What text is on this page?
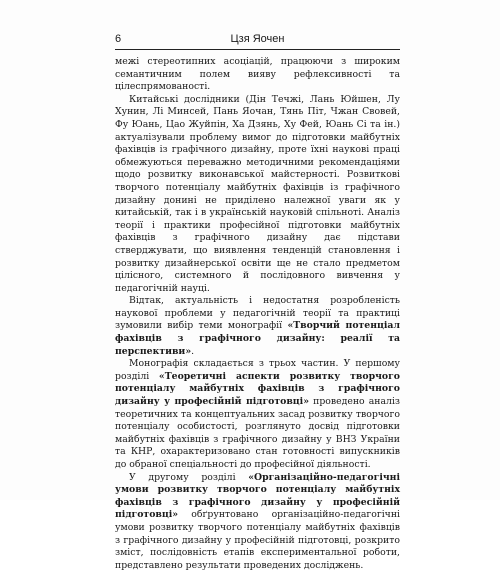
6	Цзя Яочен

межі стереотипних асоціацій, працюючи з широким семантичним полем вияву рефлексивності та цілеспрямованості.

Китайські дослідники (Дін Течжі, Лань Юйшен, Лу Хунин, Лі Минсей, Пань Яочан, Тянь Піт, Чжан Свовей, Фу Юань, Цао Жуйпін, Ха Дзянь, Ху Фей, Юань Сі та ін.) актуалізували проблему вимог до підготовки майбутніх фахівців із графічного дизайну, проте їхні наукові праці обмежуються переважно методичними рекомендаціями щодо розвитку виконавської майстерності. Розвиткові творчого потенціалу майбутніх фахівців із графічного дизайну донині не приділено належної уваги як у китайській, так і в українській науковій спільноті. Аналіз теорії і практики професійної підготовки майбутніх фахівців з графічного дизайну дає підстави стверджувати, що виявлення тенденцій становлення і розвитку дизайнерської освіти ще не стало предметом цілісного, системного й послідовного вивчення у педагогічній науці.

Відтак, актуальність і недостатня розробленість наукової проблеми у педагогічній теорії та практиці зумовили вибір теми монографії «Творчий потенціал фахівців з графічного дизайну: реалії та перспективи».

Монографія складається з трьох частин. У першому розділі «Теоретичні аспекти розвитку творчого потенціалу майбутніх фахівців з графічного дизайну у професійній підготовці» проведено аналіз теоретичних та концептуальних засад розвитку творчого потенціалу особистості, розглянуто досвід підготовки майбутніх фахівців з графічного дизайну у ВНЗ України та КНР, охарактеризовано стан готовності випускників до обраної спеціальності до професійної діяльності.

У другому розділі «Організаційно-педагогічні умови розвитку творчого потенціалу майбутніх фахівців з графічного дизайну у професійній підготовці» обґрунтовано організаційно-педагогічні умови розвитку творчого потенціалу майбутніх фахівців з графічного дизайну у професійній підготовці, розкрито зміст, послідовність етапів експериментальної роботи, представлено результати проведених досліджень.
